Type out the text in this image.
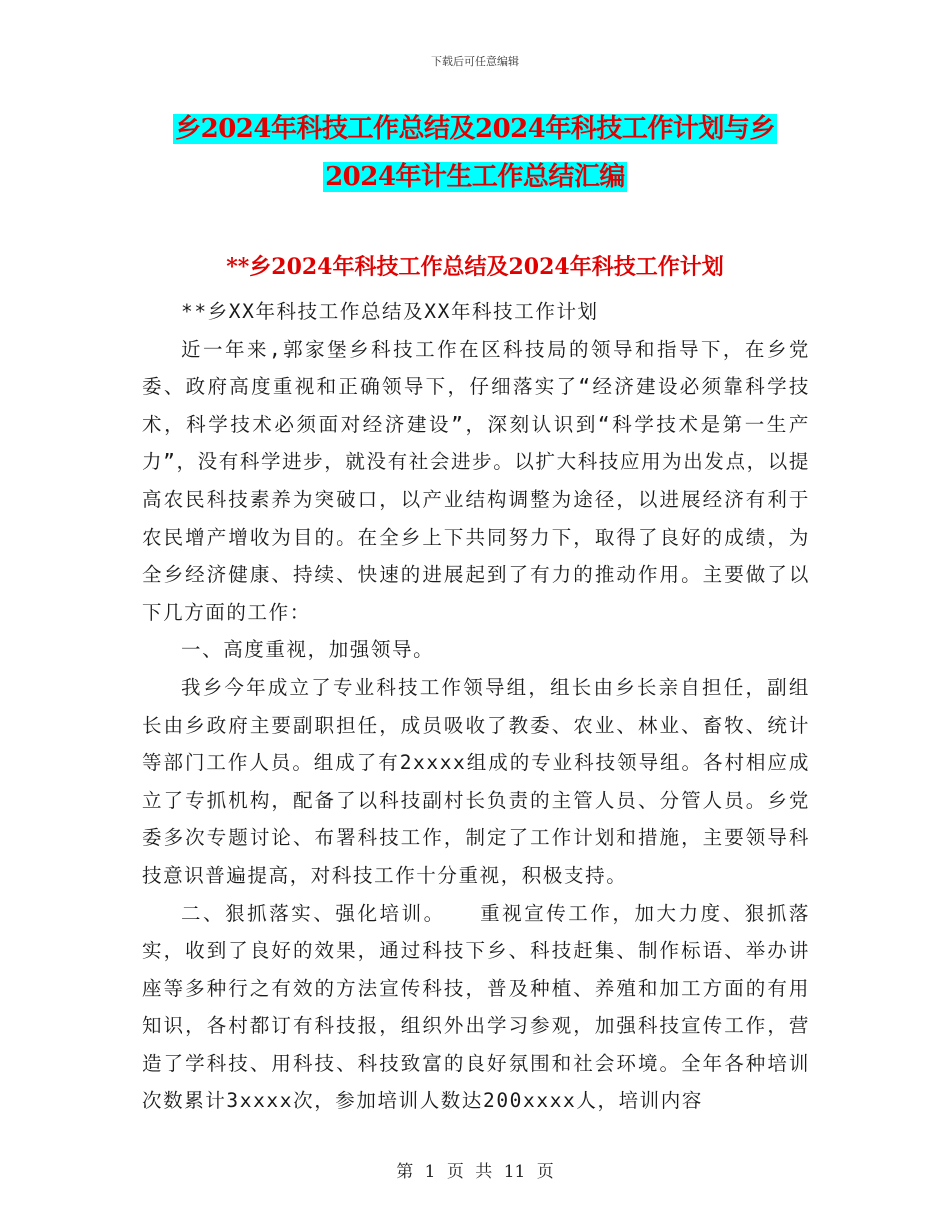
下载后可任意编辑
乡2024年科技工作总结及2024年科技工作计划与乡
2024年计生工作总结汇编
**乡2024年科技工作总结及2024年科技工作计划

**乡XX年科技工作总结及XX年科技工作计划

近一年来,郭家堡乡科技工作在区科技局的领导和指导下，在乡党委、政府高度重视和正确领导下，仔细落实了“经济建设必须靠科学技术，科学技术必须面对经济建设”，深刻认识到“科学技术是第一生产力”，没有科学进步，就没有社会进步。以扩大科技应用为出发点，以提高农民科技素养为突破口，以产业结构调整为途径，以进展经济有利于农民增产增收为目的。在全乡上下共同努力下，取得了良好的成绩，为全乡经济健康、持续、快速的进展起到了有力的推动作用。主要做了以下几方面的工作：

一、高度重视，加强领导。

我乡今年成立了专业科技工作领导组，组长由乡长亲自担任，副组长由乡政府主要副职担任，成员吸收了教委、农业、林业、畜牧、统计等部门工作人员。组成了有2xxxx组成的专业科技领导组。各村相应成立了专抓机构，配备了以科技副村长负责的主管人员、分管人员。乡党委多次专题讨论、布署科技工作，制定了工作计划和措施，主要领导科技意识普遍提高，对科技工作十分重视，积极支持。

二、狠抓落实、强化培训。　　重视宣传工作，加大力度、狠抓落实，收到了良好的效果，通过科技下乡、科技赶集、制作标语、举办讲座等多种行之有效的方法宣传科技，普及种植、养殖和加工方面的有用知识，各村都订有科技报，组织外出学习参观，加强科技宣传工作，营造了学科技、用科技、科技致富的良好氛围和社会环境。全年各种培训次数累计3xxxx次，参加培训人数达200xxxx人，培训内容

第 1 页 共 11 页
